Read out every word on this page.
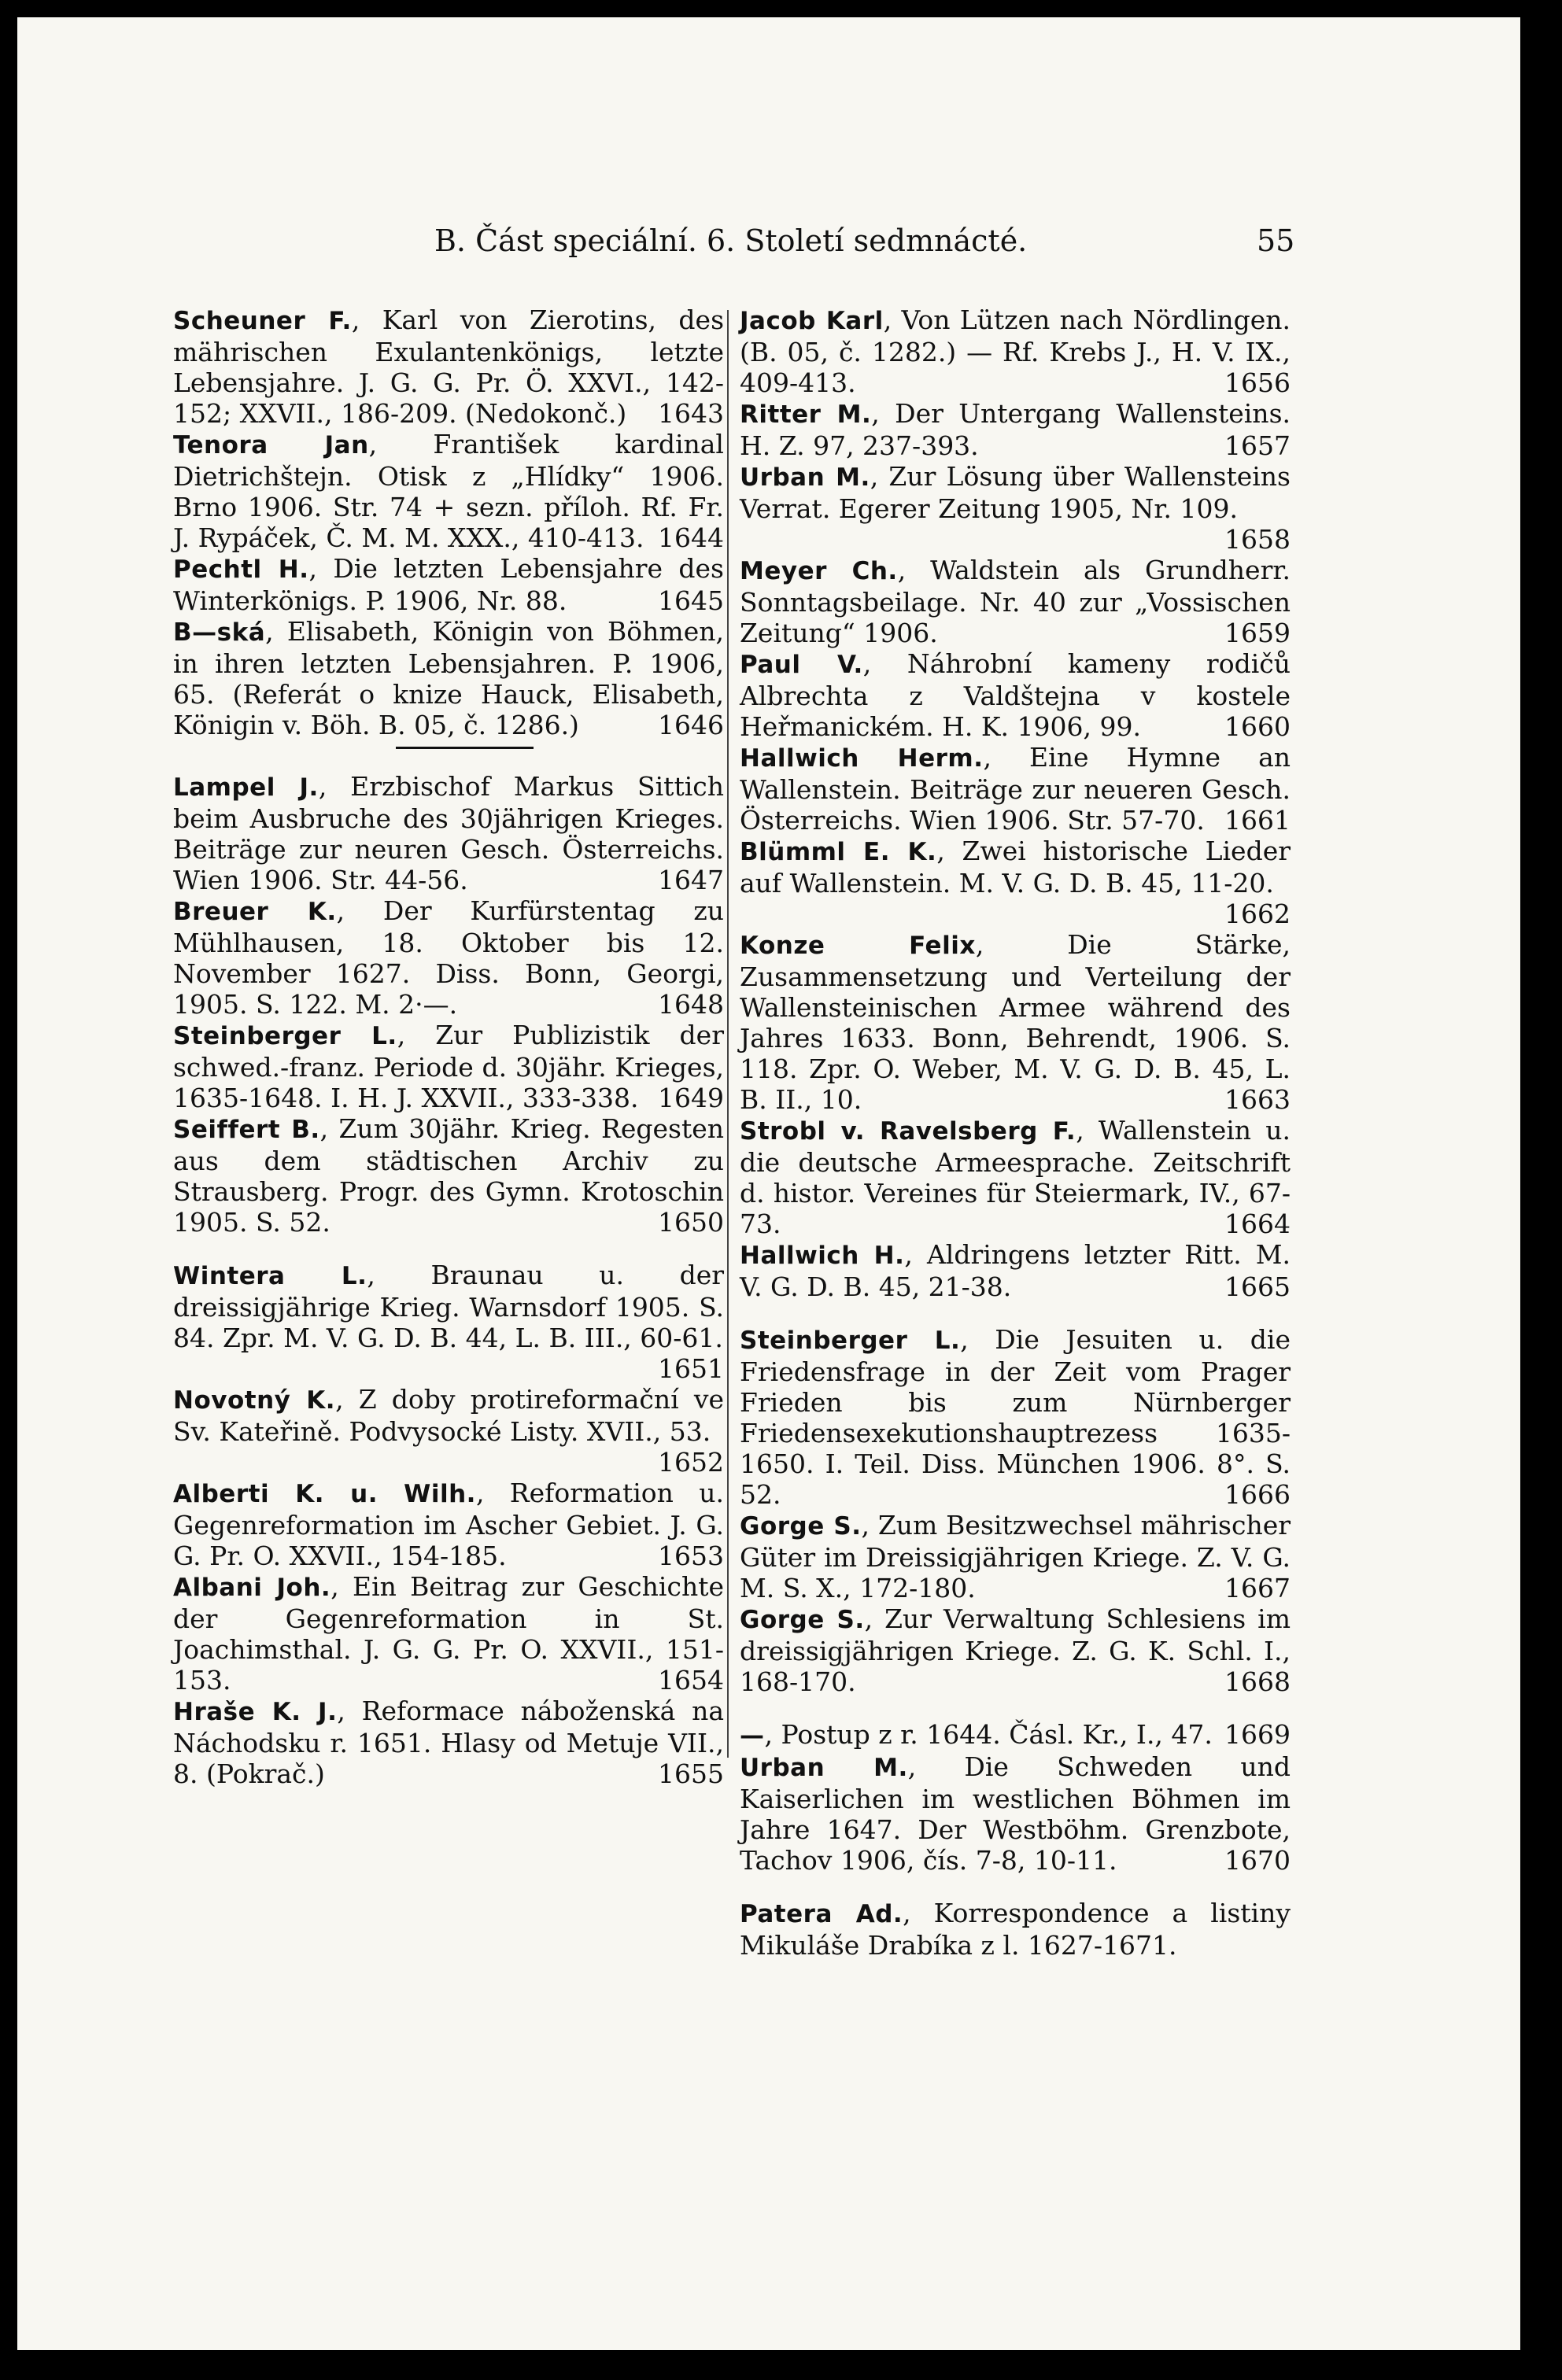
B. Část speciální. 6. Století sedmnácté.	55

Scheuner F., Karl von Zierotins, des mährischen Exulantenkönigs, letzte Lebensjahre. J. G. G. Pr. Ö. XXVI., 142-152; XXVII., 186-209. (Nedokonč.) 1643

Tenora Jan, František kardinal Dietrichštejn. Otisk z „Hlídky“ 1906. Brno 1906. Str. 74 + sezn. příloh. Rf. Fr. J. Rypáček, Č. M. M. XXX., 410-413. 1644

Pechtl H., Die letzten Lebensjahre des Winterkönigs. P. 1906, Nr. 88.	1645

B—ská, Elisabeth, Königin von Böhmen, in ihren letzten Lebensjahren. P. 1906, 65. (Referát o knize Hauck, Elisabeth, Königin v. Böh. B. 05, č. 1286.)	1646

Lampel J., Erzbischof Markus Sittich beim Ausbruche des 30jährigen Krieges. Beiträge zur neuren Gesch. Österreichs. Wien 1906. Str. 44-56.	1647

Breuer K., Der Kurfürstentag zu Mühlhausen, 18. Oktober bis 12. November 1627. Diss. Bonn, Georgi, 1905. S. 122. M. 2·—.	1648

Steinberger L., Zur Publizistik der schwed.-franz. Periode d. 30jähr. Krieges, 1635-1648. I. H. J. XXVII., 333-338. 1649

Seiffert B., Zum 30jähr. Krieg. Regesten aus dem städtischen Archiv zu Strausberg. Progr. des Gymn. Krotoschin 1905. S. 52.	1650

Wintera L., Braunau u. der dreissigjährige Krieg. Warnsdorf 1905. S. 84. Zpr. M. V. G. D. B. 44, L. B. III., 60-61.
1651

Novotný K., Z doby protireformační ve Sv. Kateřině. Podvysocké Listy. XVII., 53.
1652

Alberti K. u. Wilh., Reformation u. Gegenreformation im Ascher Gebiet. J. G. G. Pr. O. XXVII., 154-185.	1653

Albani Joh., Ein Beitrag zur Geschichte der Gegenreformation in St. Joachimsthal. J. G. G. Pr. O. XXVII., 151-153.	1654

Hraše K. J., Reformace náboženská na Náchodsku r. 1651. Hlasy od Metuje VII., 8. (Pokrač.)	1655

Jacob Karl, Von Lützen nach Nördlingen. (B. 05, č. 1282.) — Rf. Krebs J., H. V. IX., 409-413.	1656

Ritter M., Der Untergang Wallensteins. H. Z. 97, 237-393.	1657

Urban M., Zur Lösung über Wallensteins Verrat. Egerer Zeitung 1905, Nr. 109.
1658

Meyer Ch., Waldstein als Grundherr. Sonntagsbeilage. Nr. 40 zur „Vossischen Zeitung“ 1906.	1659

Paul V., Náhrobní kameny rodičů Albrechta z Valdštejna v kostele Heřmanickém. H. K. 1906, 99.	1660

Hallwich Herm., Eine Hymne an Wallenstein. Beiträge zur neueren Gesch. Österreichs. Wien 1906. Str. 57-70. 1661

Blümml E. K., Zwei historische Lieder auf Wallenstein. M. V. G. D. B. 45, 11-20.
1662

Konze Felix, Die Stärke, Zusammensetzung und Verteilung der Wallensteinischen Armee während des Jahres 1633. Bonn, Behrendt, 1906. S. 118. Zpr. O. Weber, M. V. G. D. B. 45, L. B. II., 10.	1663

Strobl v. Ravelsberg F., Wallenstein u. die deutsche Armeesprache. Zeitschrift d. histor. Vereines für Steiermark, IV., 67-73.	1664

Hallwich H., Aldringens letzter Ritt. M. V. G. D. B. 45, 21-38.	1665

Steinberger L., Die Jesuiten u. die Friedensfrage in der Zeit vom Prager Frieden bis zum Nürnberger Friedensexekutionshauptrezess 1635-1650. I. Teil. Diss. München 1906. 8°. S. 52.	1666

Gorge S., Zum Besitzwechsel mährischer Güter im Dreissigjährigen Kriege. Z. V. G. M. S. X., 172-180.	1667

Gorge S., Zur Verwaltung Schlesiens im dreissigjährigen Kriege. Z. G. K. Schl. I., 168-170.	1668

—, Postup z r. 1644. Čásl. Kr., I., 47. 1669

Urban M., Die Schweden und Kaiserlichen im westlichen Böhmen im Jahre 1647. Der Westböhm. Grenzbote, Tachov 1906, čís. 7-8, 10-11.	1670

Patera Ad., Korrespondence a listiny Mikuláše Drabíka z l. 1627-1671.
